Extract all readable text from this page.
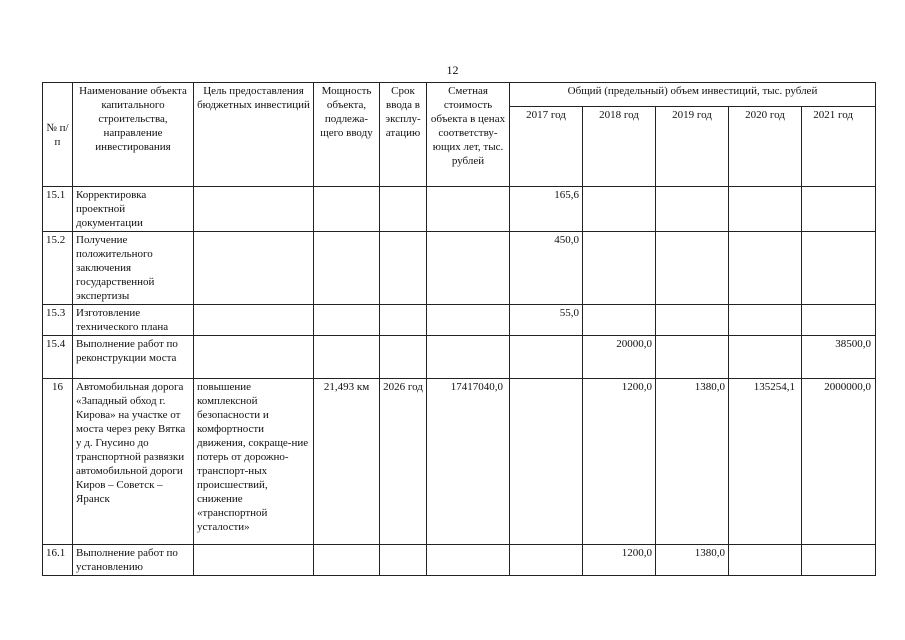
12
№ п/п	Наименование объекта капитального строительства, направление инвестирования	Цель предоставления бюджетных инвестиций	Мощность объекта, подлежа-щего вводу	Срок ввода в эксплу-атацию	Сметная стоимость объекта в ценах соответству-ющих лет, тыс. рублей	Общий (предельный) объем инвестиций, тыс. рублей				
						2017 год	2018 год	2019 год	2020 год	2021 год
15.1	Корректировка проектной документации					165,6				
15.2	Получение положительного заключения государственной экспертизы					450,0				
15.3	Изготовление технического плана					55,0				
15.4	Выполнение работ по реконструкции моста						20000,0			38500,0
16	Автомобильная дорога «Западный обход г. Кирова» на участке от моста через реку Вятка у д. Гнусино до транспортной развязки автомобильной дороги Киров – Советск – Яранск	повышение комплексной безопасности и комфортности движения, сокраще-ние потерь от дорожно-транспорт-ных происшествий, снижение «транспортной усталости»	21,493 км	2026 год	17417040,0		1200,0	1380,0	135254,1	2000000,0
16.1	Выполнение работ по установлению						1200,0	1380,0		
